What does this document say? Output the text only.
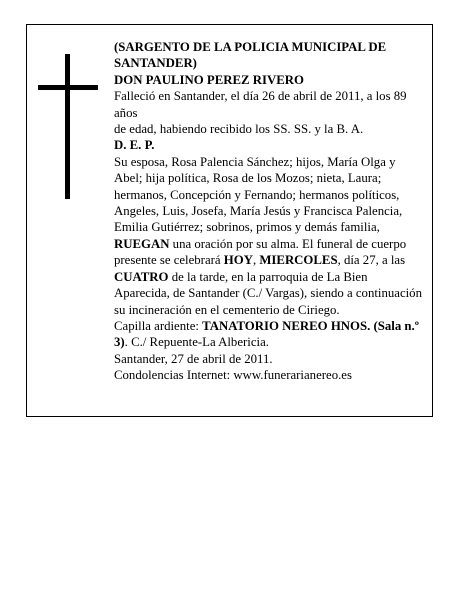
(SARGENTO DE LA POLICIA MUNICIPAL DE SANTANDER)

DON PAULINO PEREZ RIVERO

Falleció en Santander, el día 26 de abril de 2011, a los 89 años

de edad, habiendo recibido los SS. SS. y la B. A.

D. E. P.

Su esposa, Rosa Palencia Sánchez; hijos, María Olga y Abel; hija política, Rosa de los Mozos; nieta, Laura; hermanos, Concepción y Fernando; hermanos políticos, Angeles, Luis, Josefa, María Jesús y Francisca Palencia, Emilia Gutiérrez; sobrinos, primos y demás familia,

RUEGAN una oración por su alma. El funeral de cuerpo presente se celebrará HOY, MIERCOLES, día 27, a las CUATRO de la tarde, en la parroquia de La Bien Aparecida, de Santander (C./ Vargas), siendo a continuación su incineración en el cementerio de Ciriego.

Capilla ardiente: TANATORIO NEREO HNOS. (Sala n.º 3). C./ Repuente-La Albericia.

Santander, 27 de abril de 2011.

Condolencias Internet: www.funerarianereo.es
